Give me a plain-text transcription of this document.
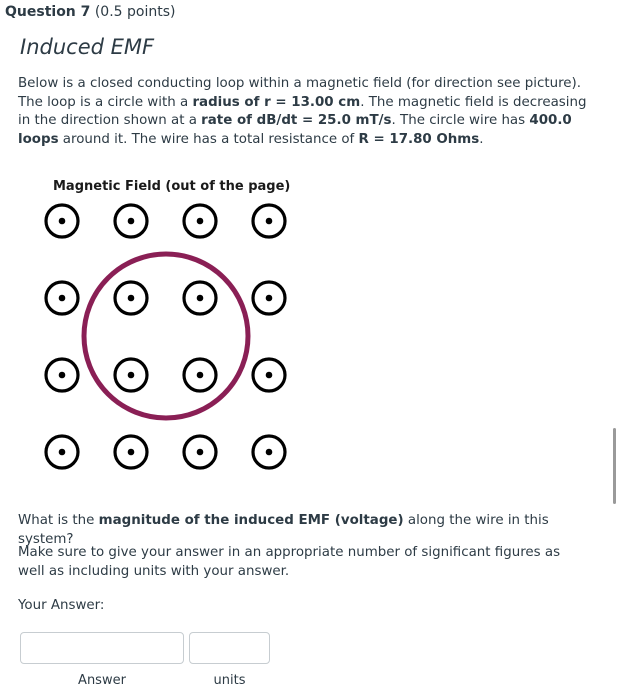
Question 7 (0.5 points)
Induced EMF
Below is a closed conducting loop within a magnetic field (for direction see picture). The loop is a circle with a radius of r = 13.00 cm. The magnetic field is decreasing in the direction shown at a rate of dB/dt = 25.0 mT/s. The circle wire has 400.0 loops around it. The wire has a total resistance of R = 17.80 Ohms.
Magnetic Field (out of the page)
What is the magnitude of the induced EMF (voltage) along the wire in this system?
Make sure to give your answer in an appropriate number of significant figures as well as including units with your answer.
Your Answer:
Answer	units
